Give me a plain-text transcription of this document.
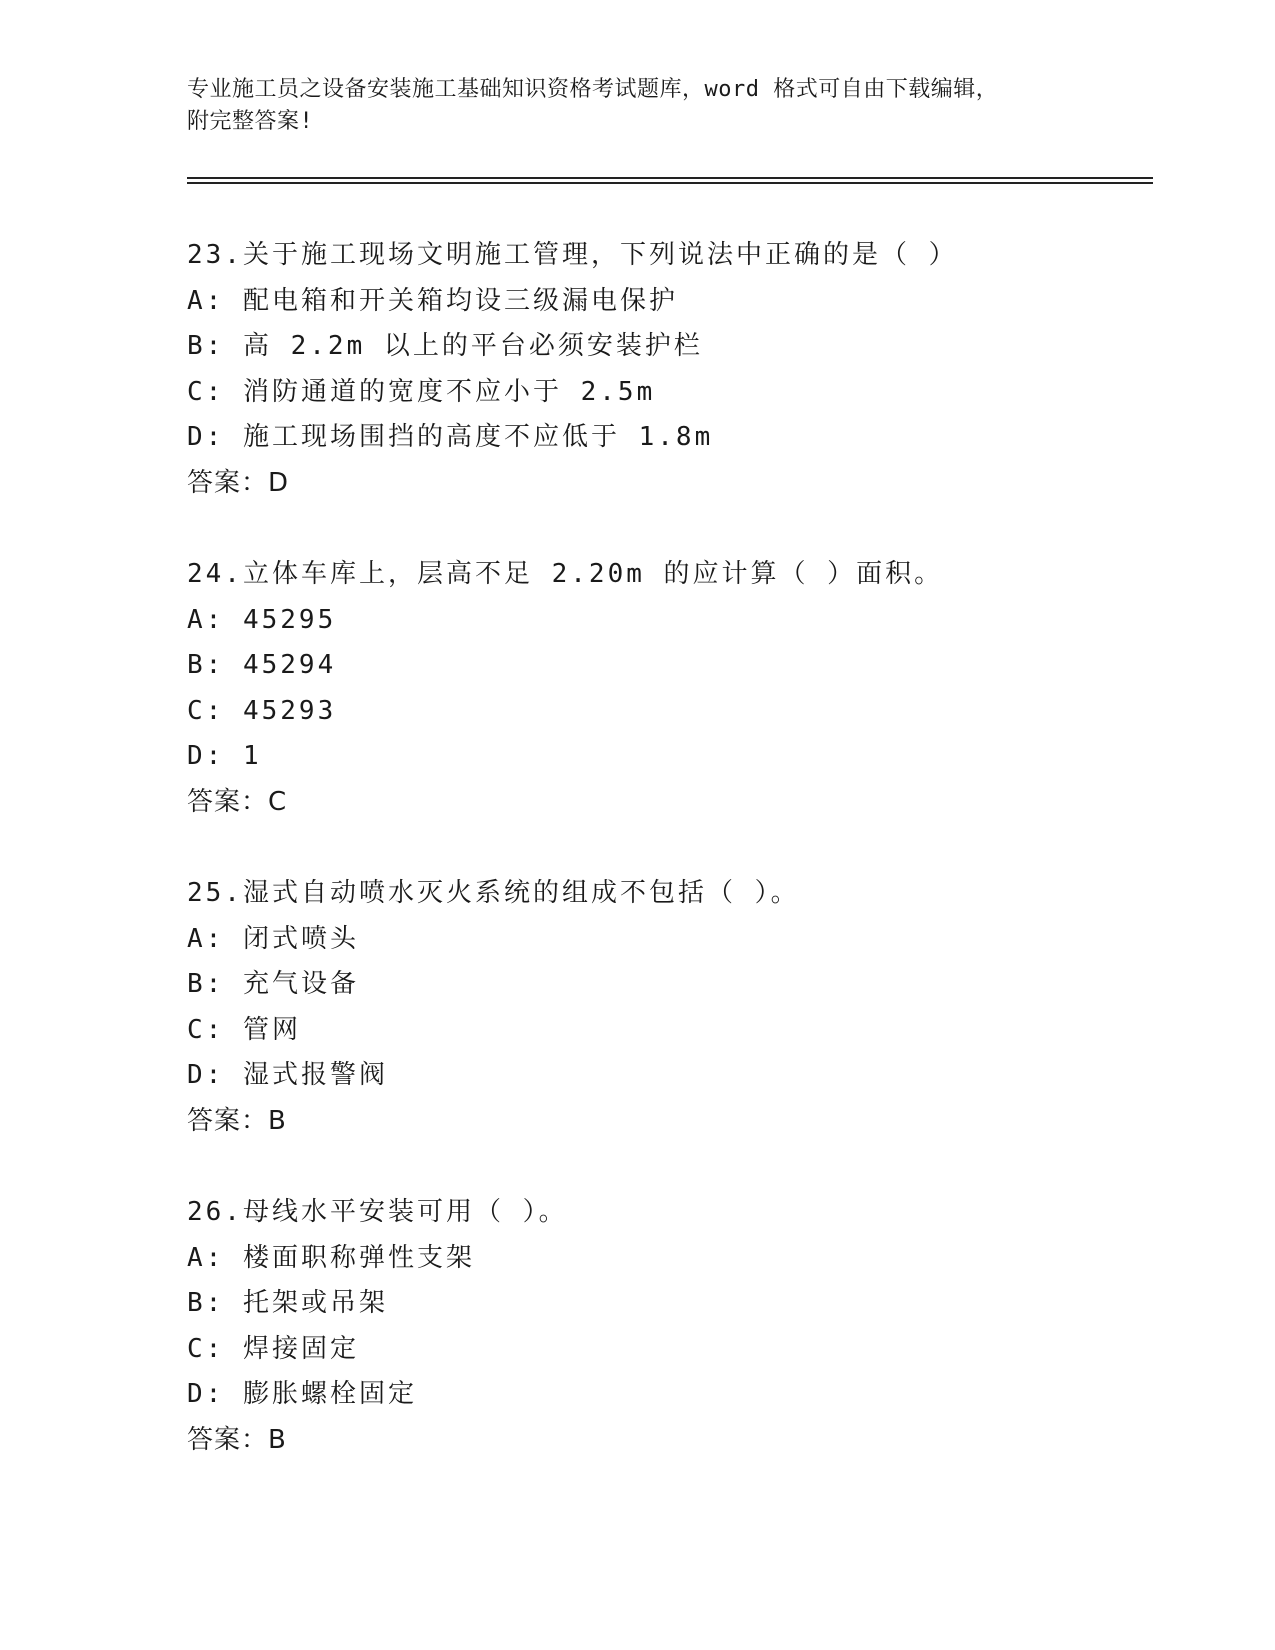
专业施工员之设备安装施工基础知识资格考试题库，word 格式可自由下载编辑，
附完整答案!
23.关于施工现场文明施工管理，下列说法中正确的是（ ）
A: 配电箱和开关箱均设三级漏电保护
B: 高 2.2m 以上的平台必须安装护栏
C: 消防通道的宽度不应小于 2.5m
D: 施工现场围挡的高度不应低于 1.8m
答案：D
24.立体车库上，层高不足 2.20m 的应计算（ ）面积。
A: 45295
B: 45294
C: 45293
D: 1
答案：C
25.湿式自动喷水灭火系统的组成不包括（ ）。
A: 闭式喷头
B: 充气设备
C: 管网
D: 湿式报警阀
答案：B
26.母线水平安装可用（ ）。
A: 楼面职称弹性支架
B: 托架或吊架
C: 焊接固定
D: 膨胀螺栓固定
答案：B
